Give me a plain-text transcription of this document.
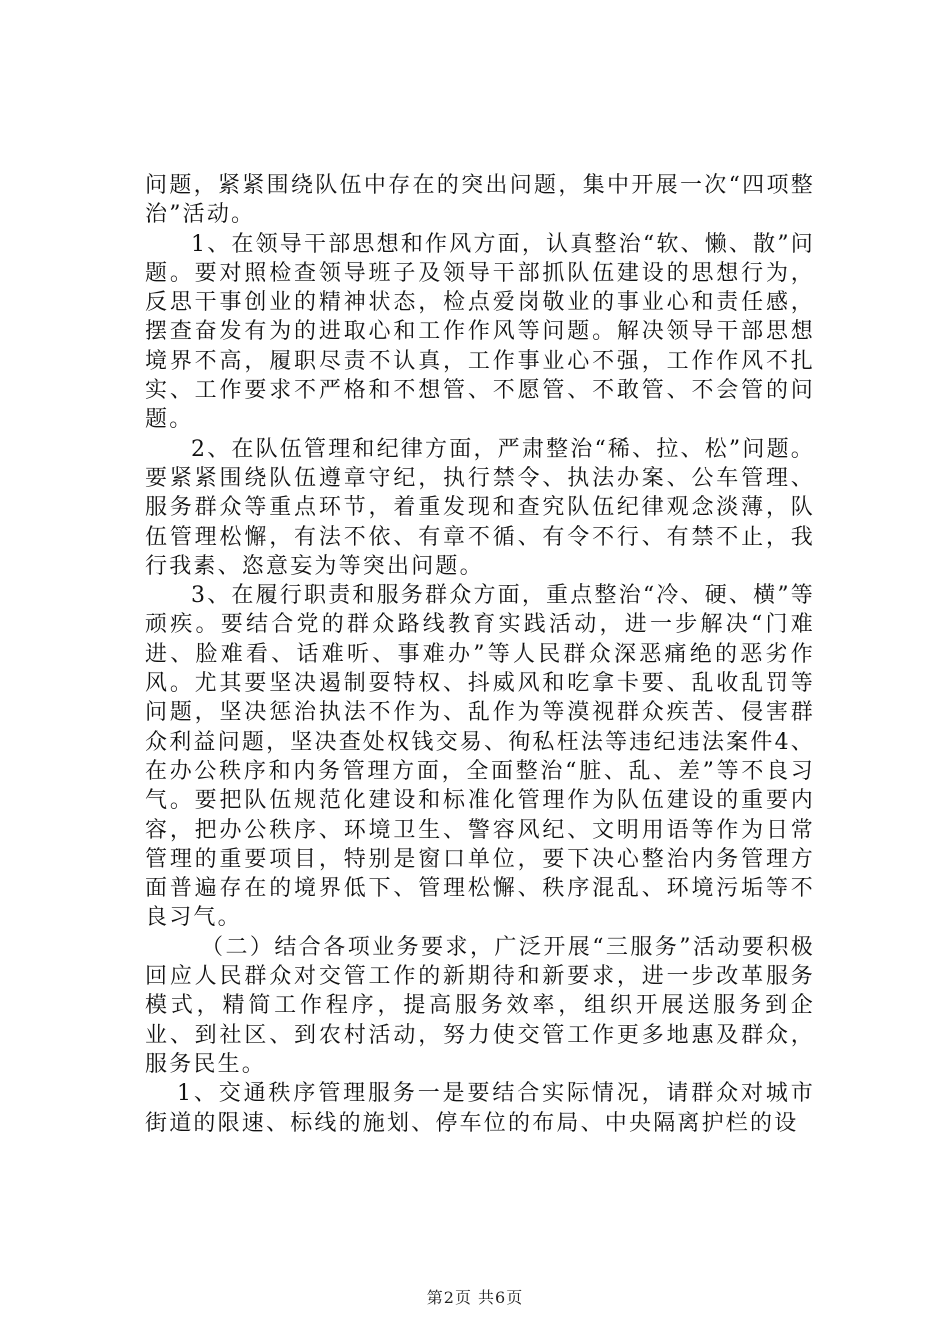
问题，紧紧围绕队伍中存在的突出问题，集中开展一次“四项整治”活动。

1、在领导干部思想和作风方面，认真整治“软、懒、散”问题。要对照检查领导班子及领导干部抓队伍建设的思想行为，反思干事创业的精神状态，检点爱岗敬业的事业心和责任感，摆查奋发有为的进取心和工作作风等问题。解决领导干部思想境界不高，履职尽责不认真，工作事业心不强，工作作风不扎实、工作要求不严格和不想管、不愿管、不敢管、不会管的问题。

2、在队伍管理和纪律方面，严肃整治“稀、拉、松”问题。要紧紧围绕队伍遵章守纪，执行禁令、执法办案、公车管理、服务群众等重点环节，着重发现和查究队伍纪律观念淡薄，队伍管理松懈，有法不依、有章不循、有令不行、有禁不止，我行我素、恣意妄为等突出问题。

3、在履行职责和服务群众方面，重点整治“冷、硬、横”等顽疾。要结合党的群众路线教育实践活动，进一步解决“门难进、脸难看、话难听、事难办”等人民群众深恶痛绝的恶劣作风。尤其要坚决遏制耍特权、抖威风和吃拿卡要、乱收乱罚等问题，坚决惩治执法不作为、乱作为等漠视群众疾苦、侵害群众利益问题，坚决查处权钱交易、徇私枉法等违纪违法案件4、在办公秩序和内务管理方面，全面整治“脏、乱、差”等不良习气。要把队伍规范化建设和标准化管理作为队伍建设的重要内容，把办公秩序、环境卫生、警容风纪、文明用语等作为日常管理的重要项目，特别是窗口单位，要下决心整治内务管理方面普遍存在的境界低下、管理松懈、秩序混乱、环境污垢等不良习气。

（二）结合各项业务要求，广泛开展“三服务”活动要积极回应人民群众对交管工作的新期待和新要求，进一步改革服务模式，精简工作程序，提高服务效率，组织开展送服务到企业、到社区、到农村活动，努力使交管工作更多地惠及群众，服务民生。

1、交通秩序管理服务一是要结合实际情况，请群众对城市街道的限速、标线的施划、停车位的布局、中央隔离护栏的设

第2页 共6页
